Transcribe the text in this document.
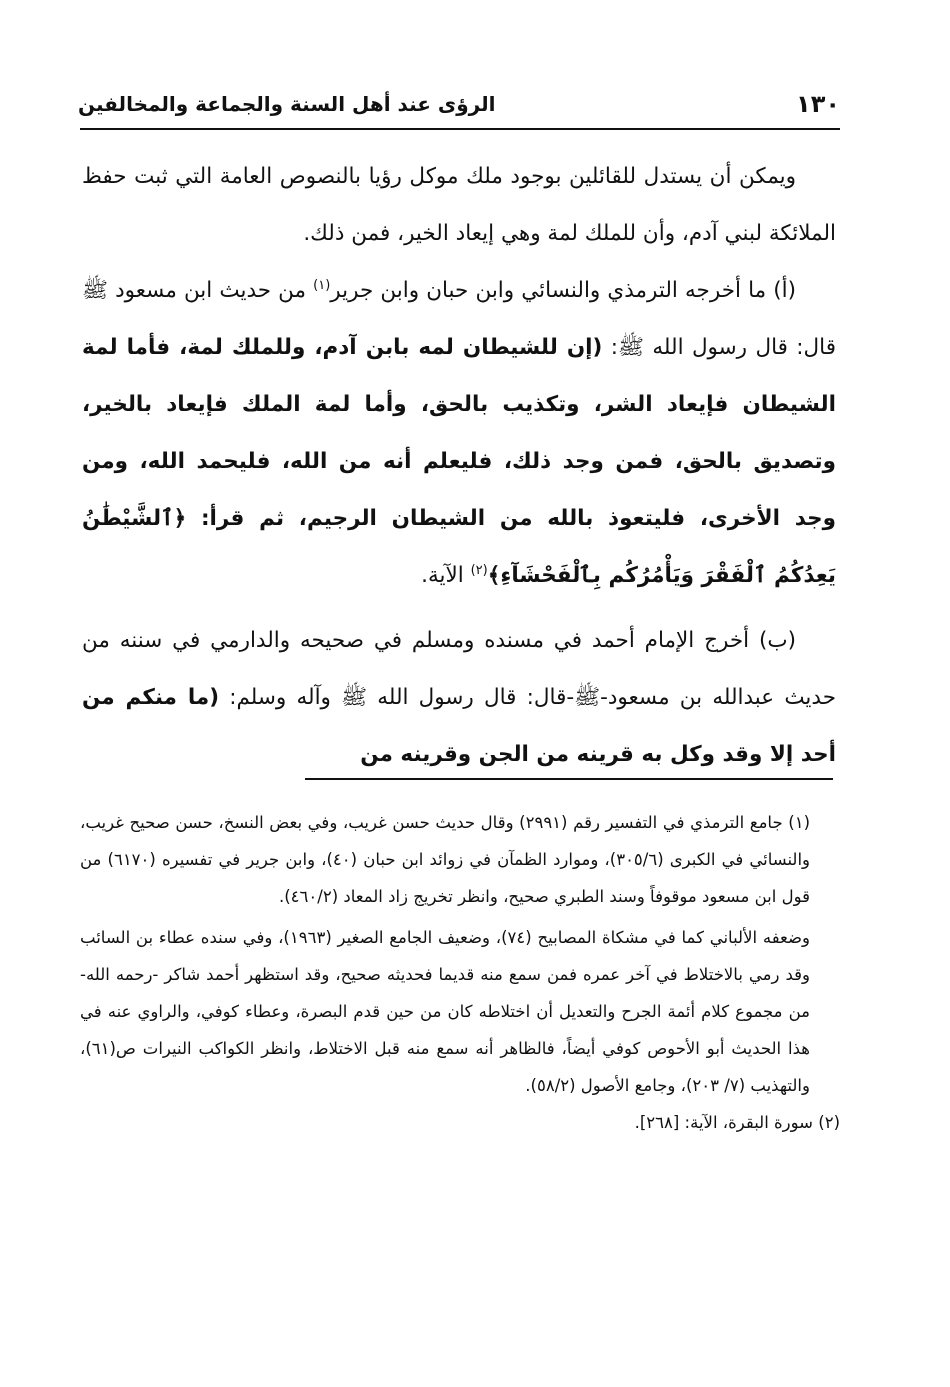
١٣٠
الرؤى عند أهل السنة والجماعة والمخالفين

ويمكن أن يستدل للقائلين بوجود ملك موكل رؤيا بالنصوص العامة التي ثبت حفظ الملائكة لبني آدم، وأن للملك لمة وهي إيعاد الخير، فمن ذلك.

(أ) ما أخرجه الترمذي والنسائي وابن حبان وابن جرير$^{(١)}$ من حديث ابن مسعود ﷺ قال: قال رسول الله ﷺ: (إن للشيطان لمه بابن آدم، وللملك لمة، فأما لمة الشيطان فإيعاد الشر، وتكذيب بالحق، وأما لمة الملك فإيعاد بالخير، وتصديق بالحق، فمن وجد ذلك، فليعلم أنه من الله، فليحمد الله، ومن وجد الأخرى، فليتعوذ بالله من الشيطان الرجيم، ثم قرأ: ﴿ٱلشَّيْطَٰنُ يَعِدُكُمُ ٱلْفَقْرَ وَيَأْمُرُكُم بِٱلْفَحْشَآءِ﴾$^{(٢)}$ الآية.

(ب) أخرج الإمام أحمد في مسنده ومسلم في صحيحه والدارمي في سننه من حديث عبدالله بن مسعود-ﷺ-قال: قال رسول الله ﷺ وآله وسلم: (ما منكم من أحد إلا وقد وكل به قرينه من الجن وقرينه من

(١) جامع الترمذي في التفسير رقم (٢٩٩١) وقال حديث حسن غريب، وفي بعض النسخ، حسن صحيح غريب، والنسائي في الكبرى (٣٠٥/٦)، وموارد الظمآن في زوائد ابن حبان (٤٠)، وابن جرير في تفسيره (٦١٧٠) من قول ابن مسعود موقوفاً وسند الطبري صحيح، وانظر تخريج زاد المعاد (٤٦٠/٢).

وضعفه الألباني كما في مشكاة المصابيح (٧٤)، وضعيف الجامع الصغير (١٩٦٣)، وفي سنده عطاء بن السائب وقد رمي بالاختلاط في آخر عمره فمن سمع منه قديما فحديثه صحيح، وقد استظهر أحمد شاكر -رحمه الله- من مجموع كلام أئمة الجرح والتعديل أن اختلاطه كان من حين قدم البصرة، وعطاء كوفي، والراوي عنه في هذا الحديث أبو الأحوص كوفي أيضاً، فالظاهر أنه سمع منه قبل الاختلاط، وانظر الكواكب النيرات ص(٦١)، والتهذيب (٧/ ٢٠٣)، وجامع الأصول (٥٨/٢).

(٢) سورة البقرة، الآية: [٢٦٨].
